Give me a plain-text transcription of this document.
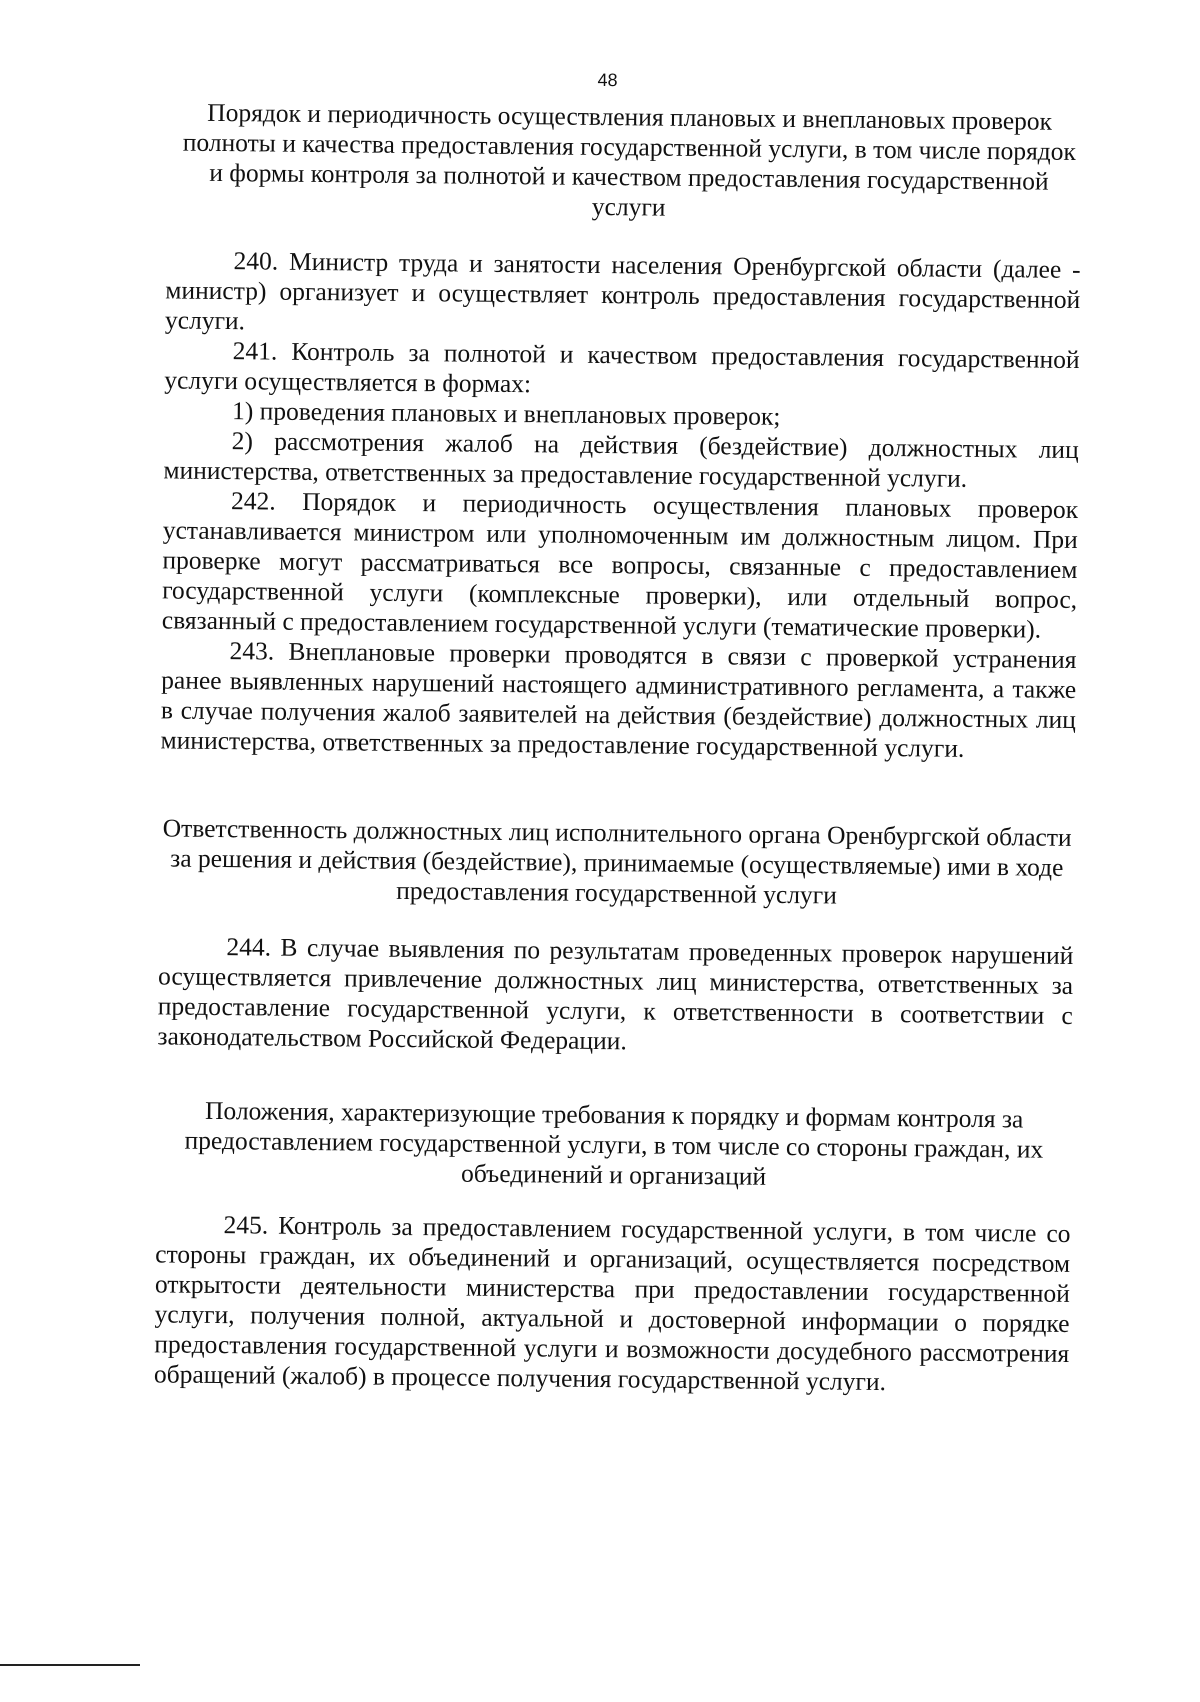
48
Порядок и периодичность осуществления плановых и внеплановых проверок полноты и качества предоставления государственной услуги, в том числе порядок и формы контроля за полнотой и качеством предоставления государственной услуги
240. Министр труда и занятости населения Оренбургской области (далее - министр) организует и осуществляет контроль предоставления государственной услуги.
241. Контроль за полнотой и качеством предоставления государственной услуги осуществляется в формах:
1) проведения плановых и внеплановых проверок;
2) рассмотрения жалоб на действия (бездействие) должностных лиц министерства, ответственных за предоставление государственной услуги.
242. Порядок и периодичность осуществления плановых проверок устанавливается министром или уполномоченным им должностным лицом. При проверке могут рассматриваться все вопросы, связанные с предоставлением государственной услуги (комплексные проверки), или отдельный вопрос, связанный с предоставлением государственной услуги (тематические проверки).
243. Внеплановые проверки проводятся в связи с проверкой устранения ранее выявленных нарушений настоящего административного регламента, а также в случае получения жалоб заявителей на действия (бездействие) должностных лиц министерства, ответственных за предоставление государственной услуги.
Ответственность должностных лиц исполнительного органа Оренбургской области за решения и действия (бездействие), принимаемые (осуществляемые) ими в ходе предоставления государственной услуги
244. В случае выявления по результатам проведенных проверок нарушений осуществляется привлечение должностных лиц министерства, ответственных за предоставление государственной услуги, к ответственности в соответствии с законодательством Российской Федерации.
Положения, характеризующие требования к порядку и формам контроля за предоставлением государственной услуги, в том числе со стороны граждан, их объединений и организаций
245. Контроль за предоставлением государственной услуги, в том числе со стороны граждан, их объединений и организаций, осуществляется посредством открытости деятельности министерства при предоставлении государственной услуги, получения полной, актуальной и достоверной информации о порядке предоставления государственной услуги и возможности досудебного рассмотрения обращений (жалоб) в процессе получения государственной услуги.
